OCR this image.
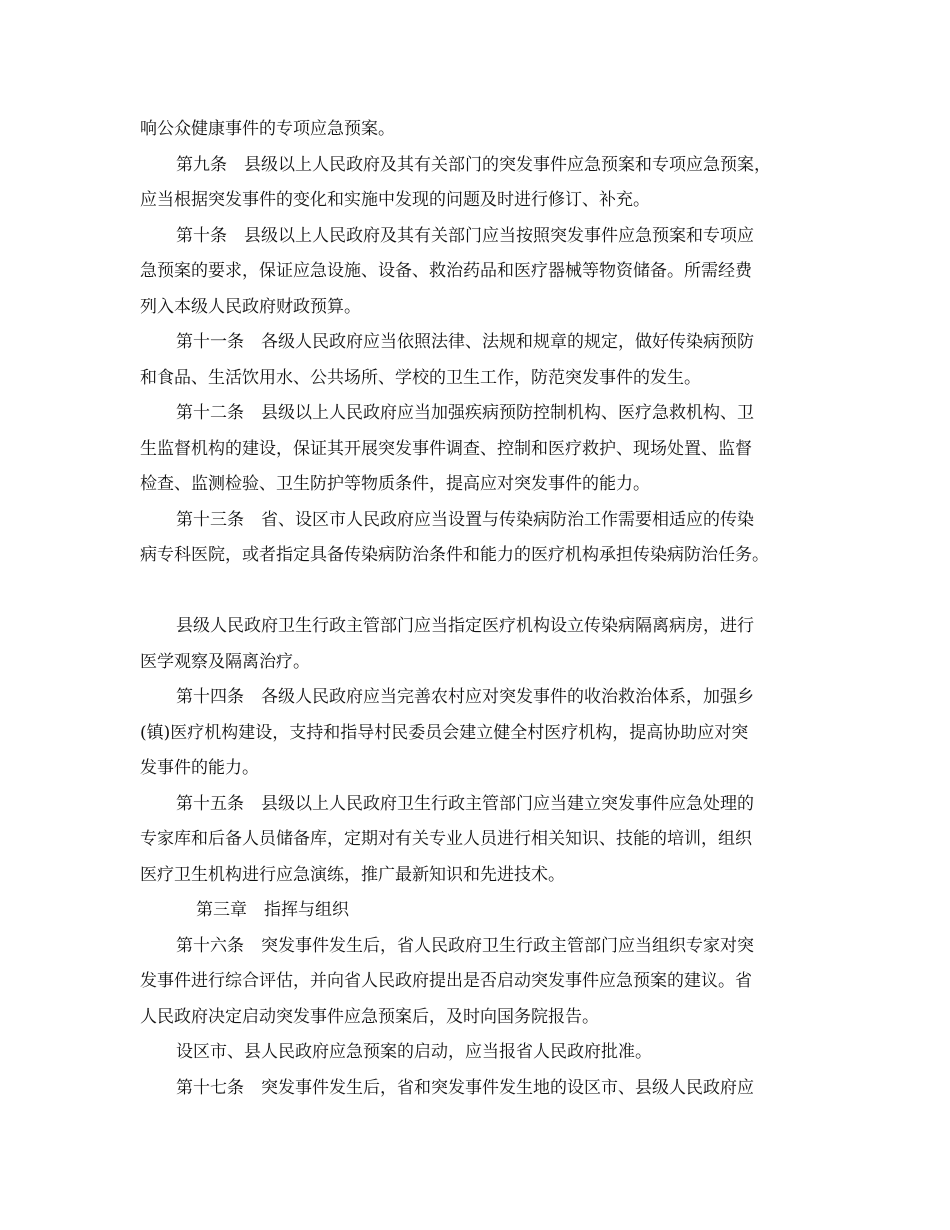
响公众健康事件的专项应急预案。
第九条　县级以上人民政府及其有关部门的突发事件应急预案和专项应急预案，
应当根据突发事件的变化和实施中发现的问题及时进行修订、补充。
第十条　县级以上人民政府及其有关部门应当按照突发事件应急预案和专项应
急预案的要求，保证应急设施、设备、救治药品和医疗器械等物资储备。所需经费
列入本级人民政府财政预算。
第十一条　各级人民政府应当依照法律、法规和规章的规定，做好传染病预防
和食品、生活饮用水、公共场所、学校的卫生工作，防范突发事件的发生。
第十二条　县级以上人民政府应当加强疾病预防控制机构、医疗急救机构、卫
生监督机构的建设，保证其开展突发事件调查、控制和医疗救护、现场处置、监督
检查、监测检验、卫生防护等物质条件，提高应对突发事件的能力。
第十三条　省、设区市人民政府应当设置与传染病防治工作需要相适应的传染
病专科医院，或者指定具备传染病防治条件和能力的医疗机构承担传染病防治任务。
县级人民政府卫生行政主管部门应当指定医疗机构设立传染病隔离病房，进行
医学观察及隔离治疗。
第十四条　各级人民政府应当完善农村应对突发事件的收治救治体系，加强乡
(镇)医疗机构建设，支持和指导村民委员会建立健全村医疗机构，提高协助应对突
发事件的能力。
第十五条　县级以上人民政府卫生行政主管部门应当建立突发事件应急处理的
专家库和后备人员储备库，定期对有关专业人员进行相关知识、技能的培训，组织
医疗卫生机构进行应急演练，推广最新知识和先进技术。
第三章　指挥与组织
第十六条　突发事件发生后，省人民政府卫生行政主管部门应当组织专家对突
发事件进行综合评估，并向省人民政府提出是否启动突发事件应急预案的建议。省
人民政府决定启动突发事件应急预案后，及时向国务院报告。
设区市、县人民政府应急预案的启动，应当报省人民政府批准。
第十七条　突发事件发生后，省和突发事件发生地的设区市、县级人民政府应
